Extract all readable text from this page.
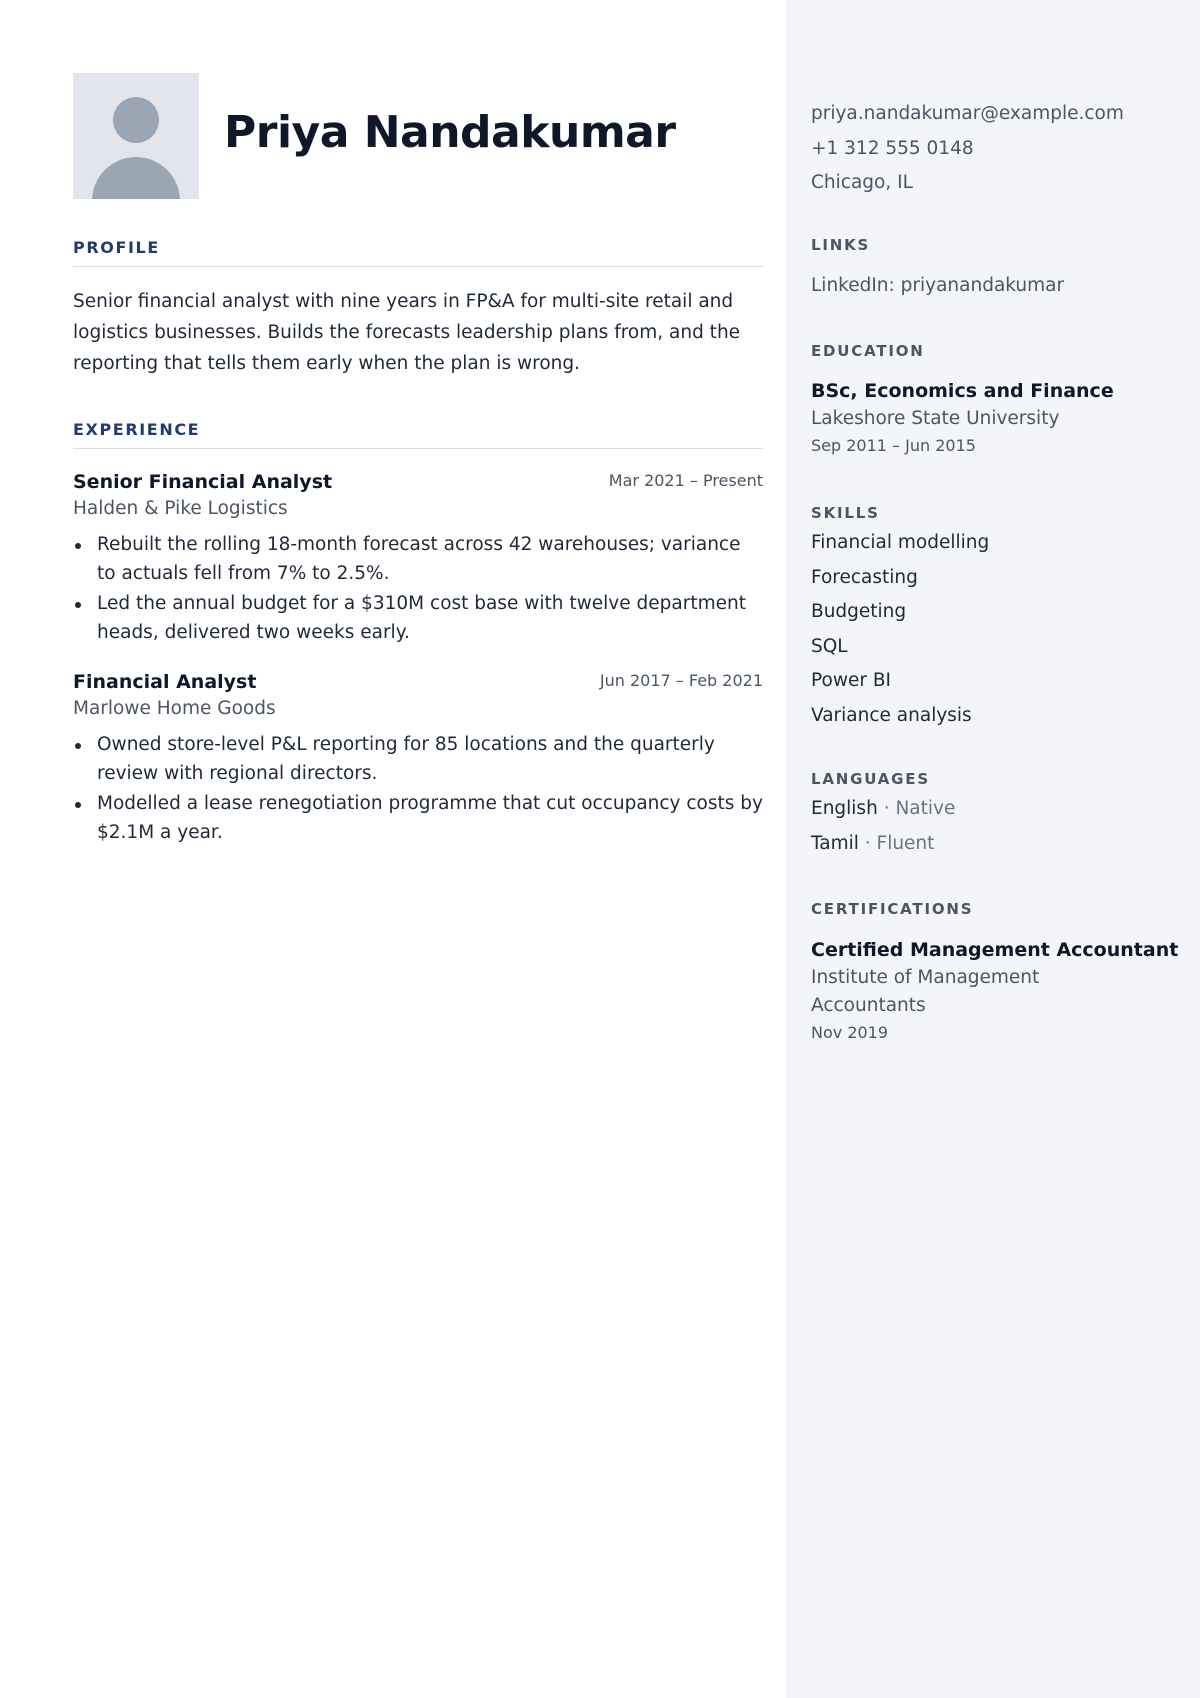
Priya Nandakumar
PROFILE

Senior financial analyst with nine years in FP&A for multi-site retail and logistics businesses. Builds the forecasts leadership plans from, and the reporting that tells them early when the plan is wrong.

EXPERIENCE
Senior Financial Analyst	Mar 2021 – Present
Halden & Pike Logistics
Rebuilt the rolling 18-month forecast across 42 warehouses; variance to actuals fell from 7% to 2.5%.
Led the annual budget for a $310M cost base with twelve department heads, delivered two weeks early.
Financial Analyst	Jun 2017 – Feb 2021
Marlowe Home Goods
Owned store-level P&L reporting for 85 locations and the quarterly review with regional directors.
Modelled a lease renegotiation programme that cut occupancy costs by $2.1M a year.
priya.nandakumar@example.com
+1 312 555 0148
Chicago, IL
LINKS
LinkedIn: priyanandakumar
EDUCATION
BSc, Economics and Finance
Lakeshore State University
Sep 2011 – Jun 2015
SKILLS
Financial modelling
Forecasting
Budgeting
SQL
Power BI
Variance analysis
LANGUAGES
English · Native
Tamil · Fluent
CERTIFICATIONS
Certified Management Accountant
Institute of Management Accountants
Nov 2019
